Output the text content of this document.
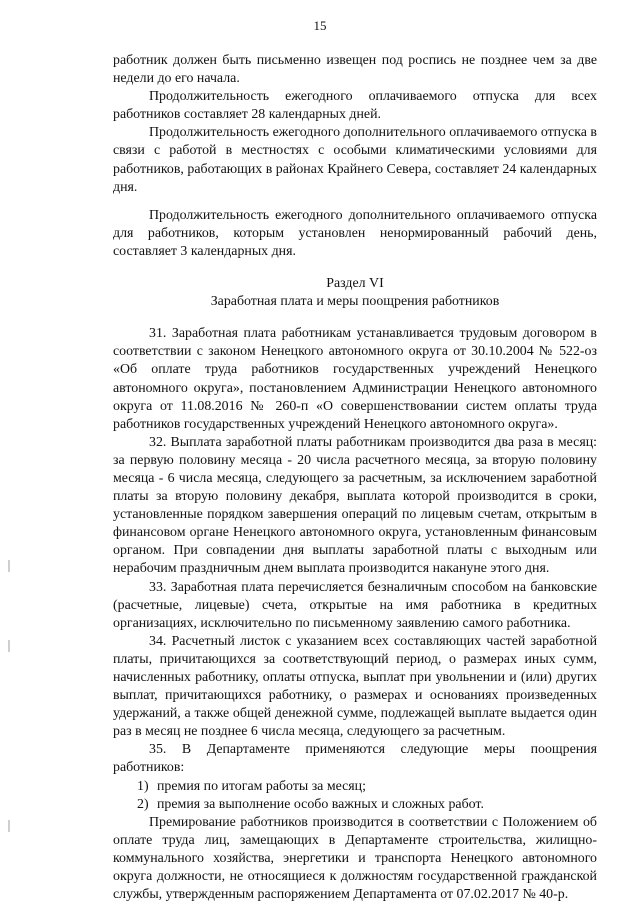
15

работник должен быть письменно извещен под роспись не позднее чем за две недели до его начала.

Продолжительность ежегодного оплачиваемого отпуска для всех работников составляет 28 календарных дней.

Продолжительность ежегодного дополнительного оплачиваемого отпуска в связи с работой в местностях с особыми климатическими условиями для работников, работающих в районах Крайнего Севера, составляет 24 календарных дня.

Продолжительность ежегодного дополнительного оплачиваемого отпуска для работников, которым установлен ненормированный рабочий день, составляет 3 календарных дня.

Раздел VI

Заработная плата и меры поощрения работников

31. Заработная плата работникам устанавливается трудовым договором в соответствии с законом Ненецкого автономного округа от 30.10.2004 № 522-оз «Об оплате труда работников государственных учреждений Ненецкого автономного округа», постановлением Администрации Ненецкого автономного округа от 11.08.2016 № 260-п «О совершенствовании систем оплаты труда работников государственных учреждений Ненецкого автономного округа».

32. Выплата заработной платы работникам производится два раза в месяц: за первую половину месяца - 20 числа расчетного месяца, за вторую половину месяца - 6 числа месяца, следующего за расчетным, за исключением заработной платы за вторую половину декабря, выплата которой производится в сроки, установленные порядком завершения операций по лицевым счетам, открытым в финансовом органе Ненецкого автономного округа, установленным финансовым органом. При совпадении дня выплаты заработной платы с выходным или нерабочим праздничным днем выплата производится накануне этого дня.

33. Заработная плата перечисляется безналичным способом на банковские (расчетные, лицевые) счета, открытые на имя работника в кредитных организациях, исключительно по письменному заявлению самого работника.

34. Расчетный листок с указанием всех составляющих частей заработной платы, причитающихся за соответствующий период, о размерах иных сумм, начисленных работнику, оплаты отпуска, выплат при увольнении и (или) других выплат, причитающихся работнику, о размерах и основаниях произведенных удержаний, а также общей денежной сумме, подлежащей выплате выдается один раз в месяц не позднее 6 числа месяца, следующего за расчетным.

35. В Департаменте применяются следующие меры поощрения работников:

1) премия по итогам работы за месяц;

2) премия за выполнение особо важных и сложных работ.

Премирование работников производится в соответствии с Положением об оплате труда лиц, замещающих в Департаменте строительства, жилищно-коммунального хозяйства, энергетики и транспорта Ненецкого автономного округа должности, не относящиеся к должностям государственной гражданской службы, утвержденным распоряжением Департамента от 07.02.2017 № 40-р.
